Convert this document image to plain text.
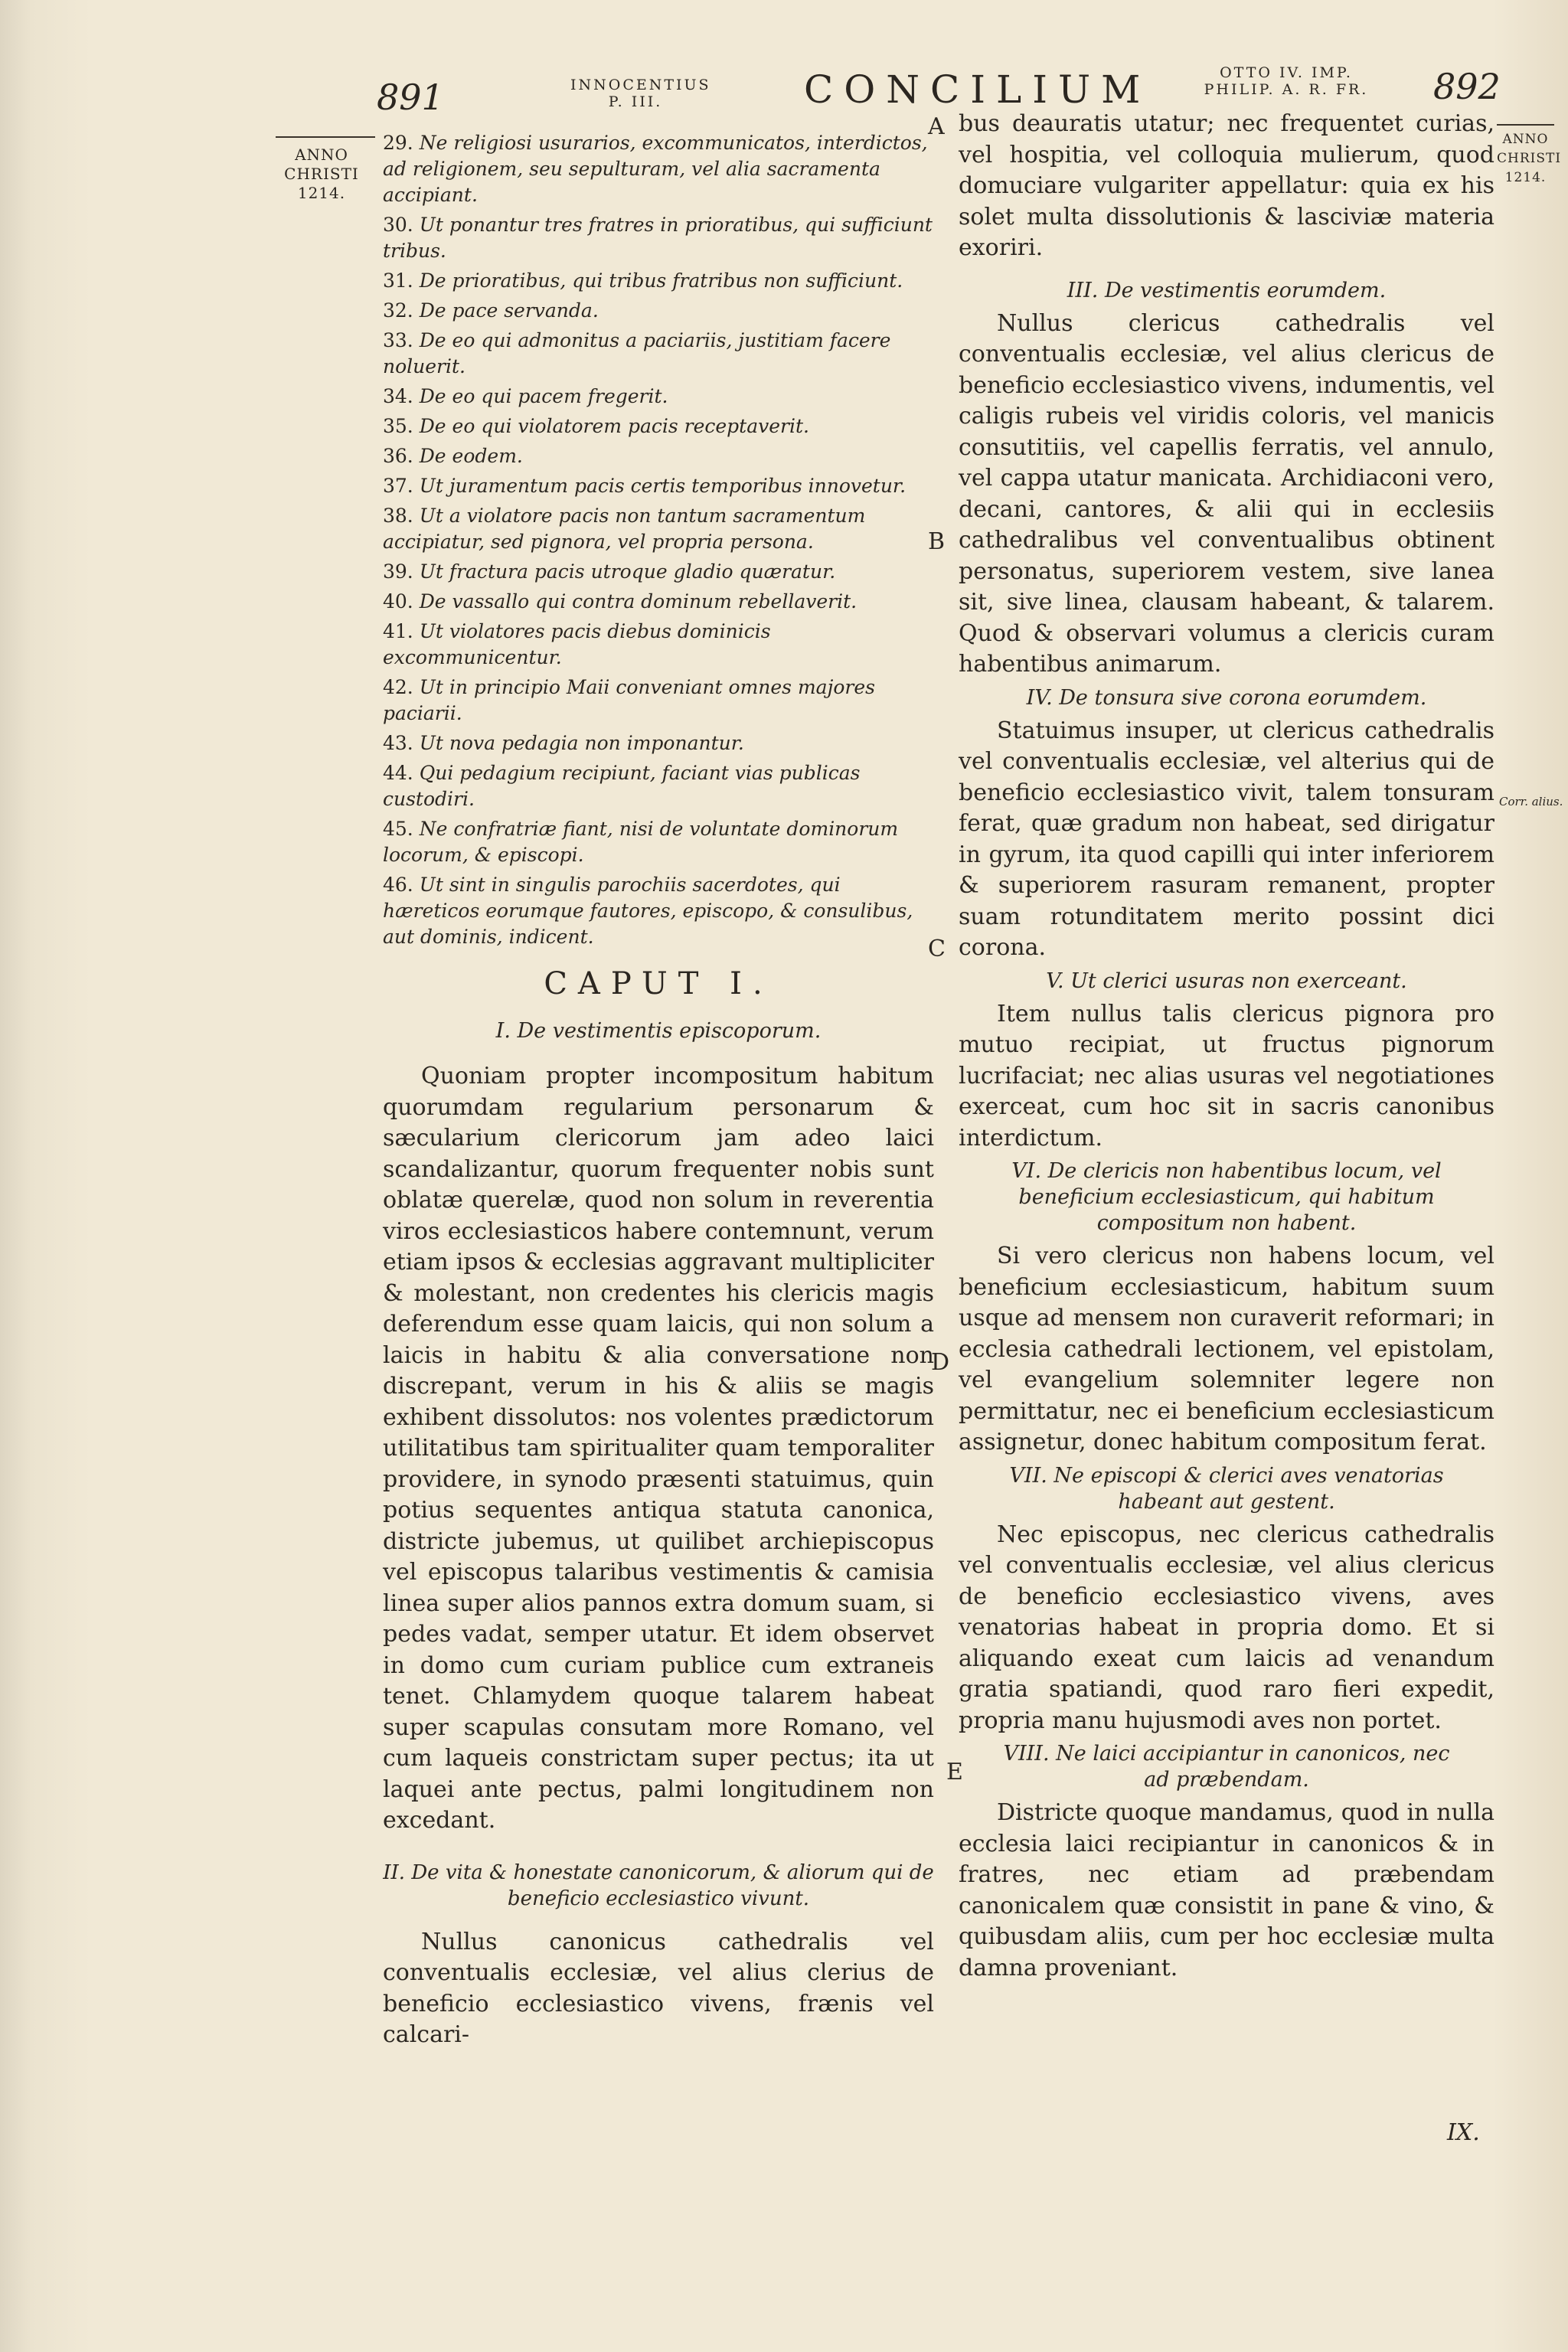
891	INNOCENTIUS P. III.	CONCILIUM	OTTO IV. IMP. PHILIP. A. R. FR. 892
ANNO CHRISTI 1214.
ANNO CHRISTI 1214.
Corr. alius.
A
B
C
D
E
29. Ne religiosi usurarios, excommunicatos, interdictos, ad religionem, seu sepulturam, vel alia sacramenta accipiant.
30. Ut ponantur tres fratres in prioratibus, qui sufficiunt tribus.
31. De prioratibus, qui tribus fratribus non sufficiunt.
32. De pace servanda.
33. De eo qui admonitus a paciariis, justitiam facere noluerit.
34. De eo qui pacem fregerit.
35. De eo qui violatorem pacis receptaverit.
36. De eodem.
37. Ut juramentum pacis certis temporibus innovetur.
38. Ut a violatore pacis non tantum sacramentum accipiatur, sed pignora, vel propria persona.
39. Ut fractura pacis utroque gladio quæratur.
40. De vassallo qui contra dominum rebellaverit.
41. Ut violatores pacis diebus dominicis excommunicentur.
42. Ut in principio Maii conveniant omnes majores paciarii.
43. Ut nova pedagia non imponantur.
44. Qui pedagium recipiunt, faciant vias publicas custodiri.
45. Ne confratriæ fiant, nisi de voluntate dominorum locorum, & episcopi.
46. Ut sint in singulis parochiis sacerdotes, qui hæreticos eorumque fautores, episcopo, & consulibus, aut dominis, indicent.
CAPUT I.
I. De vestimentis episcoporum.

Quoniam propter incompositum habitum quorumdam regularium personarum & sæcularium clericorum jam adeo laici scandalizantur, quorum frequenter nobis sunt oblatæ querelæ, quod non solum in reverentia viros ecclesiasticos habere contemnunt, verum etiam ipsos & ecclesias aggravant multipliciter & molestant, non credentes his clericis magis deferendum esse quam laicis, qui non solum a laicis in habitu & alia conversatione non discrepant, verum in his & aliis se magis exhibent dissolutos: nos volentes prædictorum utilitatibus tam spiritualiter quam temporaliter providere, in synodo præsenti statuimus, quin potius sequentes antiqua statuta canonica, districte jubemus, ut quilibet archiepiscopus vel episcopus talaribus vestimentis & camisia linea super alios pannos extra domum suam, si pedes vadat, semper utatur. Et idem observet in domo cum curiam publice cum extraneis tenet. Chlamydem quoque talarem habeat super scapulas consutam more Romano, vel cum laqueis constrictam super pectus; ita ut laquei ante pectus, palmi longitudinem non excedant.

II. De vita & honestate canonicorum, & aliorum qui de beneficio ecclesiastico vivunt.

Nullus canonicus cathedralis vel conventualis ecclesiæ, vel alius clerius de beneficio ecclesiastico vivens, frænis vel calcari-

bus deauratis utatur; nec frequentet curias, vel hospitia, vel colloquia mulierum, quod domuciare vulgariter appellatur: quia ex his solet multa dissolutionis & lasciviæ materia exoriri.

III. De vestimentis eorumdem.

Nullus clericus cathedralis vel conventualis ecclesiæ, vel alius clericus de beneficio ecclesiastico vivens, indumentis, vel caligis rubeis vel viridis coloris, vel manicis consutitiis, vel capellis ferratis, vel annulo, vel cappa utatur manicata. Archidiaconi vero, decani, cantores, & alii qui in ecclesiis cathedralibus vel conventualibus obtinent personatus, superiorem vestem, sive lanea sit, sive linea, clausam habeant, & talarem. Quod & observari volumus a clericis curam habentibus animarum.

IV. De tonsura sive corona eorumdem.

Statuimus insuper, ut clericus cathedralis vel conventualis ecclesiæ, vel alterius qui de beneficio ecclesiastico vivit, talem tonsuram ferat, quæ gradum non habeat, sed dirigatur in gyrum, ita quod capilli qui inter inferiorem & superiorem rasuram remanent, propter suam rotunditatem merito possint dici corona.

V. Ut clerici usuras non exerceant.

Item nullus talis clericus pignora pro mutuo recipiat, ut fructus pignorum lucrifaciat; nec alias usuras vel negotiationes exerceat, cum hoc sit in sacris canonibus interdictum.

VI. De clericis non habentibus locum, vel beneficium ecclesiasticum, qui habitum compositum non habent.

Si vero clericus non habens locum, vel beneficium ecclesiasticum, habitum suum usque ad mensem non curaverit reformari; in ecclesia cathedrali lectionem, vel epistolam, vel evangelium solemniter legere non permittatur, nec ei beneficium ecclesiasticum assignetur, donec habitum compositum ferat.

VII. Ne episcopi & clerici aves venatorias habeant aut gestent.

Nec episcopus, nec clericus cathedralis vel conventualis ecclesiæ, vel alius clericus de beneficio ecclesiastico vivens, aves venatorias habeat in propria domo. Et si aliquando exeat cum laicis ad venandum gratia spatiandi, quod raro fieri expedit, propria manu hujusmodi aves non portet.

VIII. Ne laici accipiantur in canonicos, nec ad præbendam.

Districte quoque mandamus, quod in nulla ecclesia laici recipiantur in canonicos & in fratres, nec etiam ad præbendam canonicalem quæ consistit in pane & vino, & quibusdam aliis, cum per hoc ecclesiæ multa damna proveniant.

IX.
